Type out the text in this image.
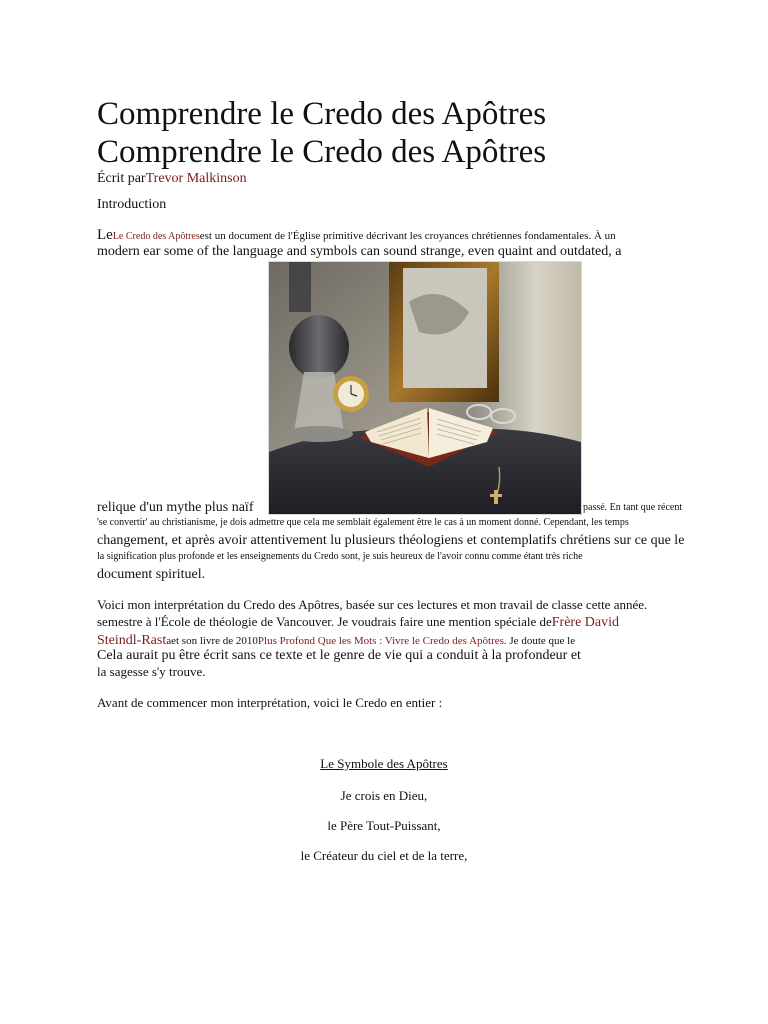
Comprendre le Credo des Apôtres
Comprendre le Credo des Apôtres
Écrit parTrevor Malkinson
Introduction
LeLe Credo des Apôtresest un document de l'Église primitive décrivant les croyances chrétiennes fondamentales. À un
modern ear some of the language and symbols can sound strange, even quaint and outdated, a
relique d'un mythe plus naïf	passé. En tant que récent
'se convertir' au christianisme, je dois admettre que cela me semblait également être le cas à un moment donné. Cependant, les temps
changement, et après avoir attentivement lu plusieurs théologiens et contemplatifs chrétiens sur ce que le
la signification plus profonde et les enseignements du Credo sont, je suis heureux de l'avoir connu comme étant très riche
document spirituel.
Voici mon interprétation du Credo des Apôtres, basée sur ces lectures et mon travail de classe cette année.
semestre à l'École de théologie de Vancouver. Je voudrais faire une mention spéciale deFrère David
Steindl-Rastaet son livre de 2010Plus Profond Que les Mots : Vivre le Credo des Apôtres. Je doute que le
Cela aurait pu être écrit sans ce texte et le genre de vie qui a conduit à la profondeur et
la sagesse s'y trouve.
Avant de commencer mon interprétation, voici le Credo en entier :
Le Symbole des Apôtres
Je crois en Dieu,
le Père Tout-Puissant,
le Créateur du ciel et de la terre,
